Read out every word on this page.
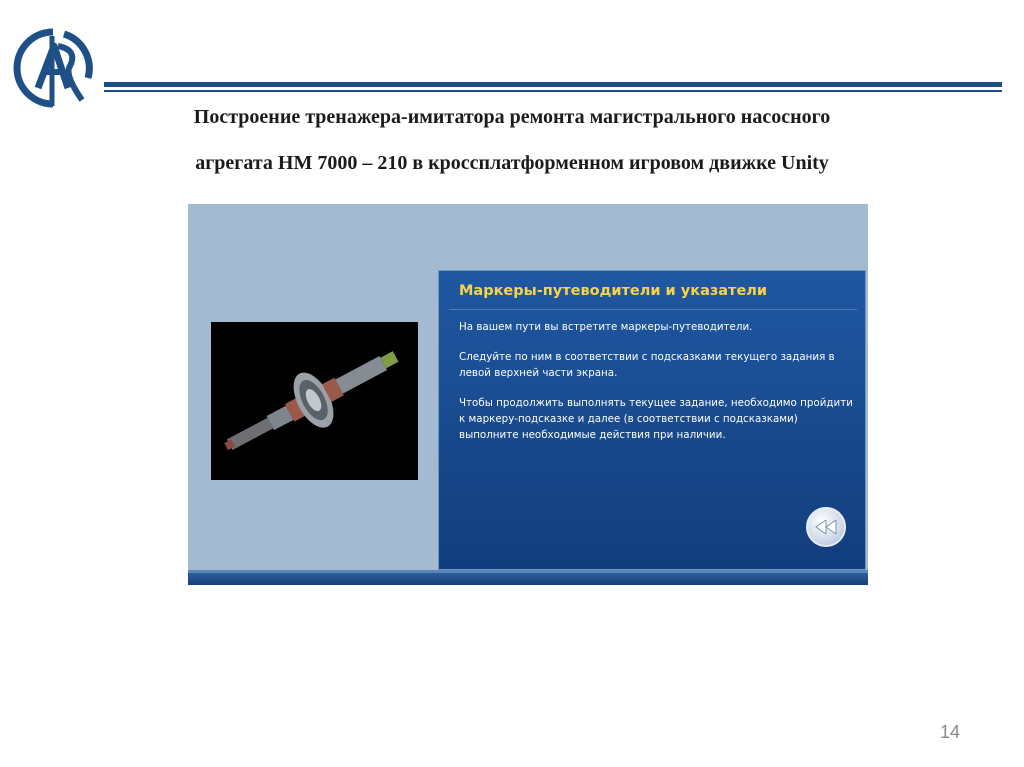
Построение тренажера-имитатора ремонта магистрального насосного
агрегата НМ 7000 – 210 в кроссплатформенном игровом движке Unity
Маркеры-путеводители и указатели
На вашем пути вы встретите маркеры-путеводители.
Следуйте по ним в соответствии с подсказками текущего задания в левой верхней части экрана.
Чтобы продолжить выполнять текущее задание, необходимо пройдити к маркеру-подсказке и далее (в соответствии с подсказками) выполните необходимые действия при наличии.
14
